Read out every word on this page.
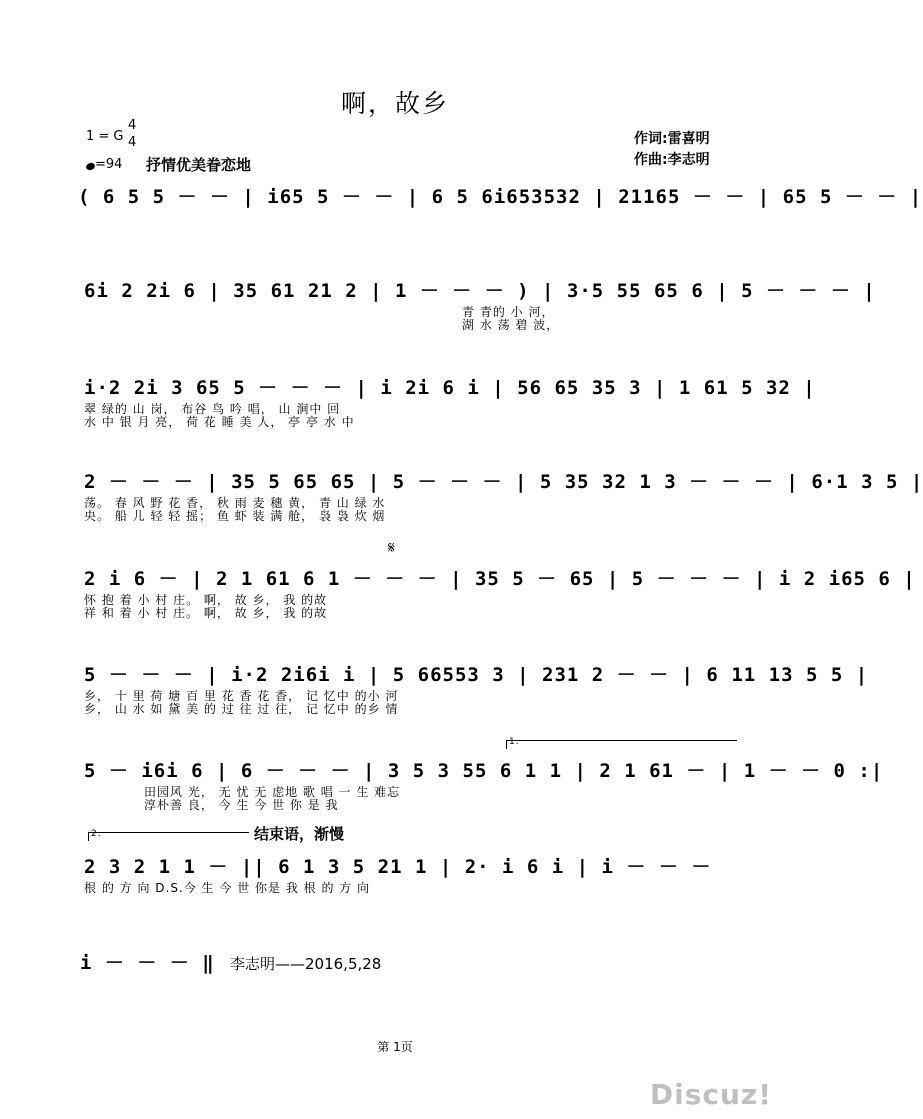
啊，故乡
1 = G
4
4
=94 抒情优美眷恋地
作词:雷喜明
作曲:李志明
( 6 5 5 － － | i65 5 － － | 6 5 6i653532 | 21165 － － | 65 5 － － |
6i 2 2i 6 | 35 61 21 2 | 1 － － － ) | 3·5 55 65 6 | 5 － － － |
青 青的 小 河，
湖 水 荡 碧 波，
i·2 2i 3 65 5 － － － | i 2i 6 i | 56 65 35 3 | 1 61 5 32 |
翠 绿的 山 岗， 布谷 鸟 吟 唱， 山 涧中 回
水 中 银 月 亮， 荷 花 睡 美 人， 亭 亭 水 中
2 － － － | 35 5 65 65 | 5 － － － | 5 35 32 1 3 － － － | 6·1 3 5 |
荡。 春 风 野 花 香， 秋 雨 麦 穗 黄， 青 山 绿 水
央。 船 儿 轻 轻 摇； 鱼 虾 装 满 舱， 袅 袅 炊 烟
2 i 6 － | 2 1 61 6 1 － － － | 35 5 － 65 | 5 － － － | i 2 i65 6 |
怀 抱 着 小 村 庄。 啊， 故 乡， 我 的故
祥 和 着 小 村 庄。 啊， 故 乡， 我 的故
𝄋
5 － － － | i·2 2i6i i | 5 66553 3 | 231 2 － － | 6 11 13 5 5 |
乡， 十 里 荷 塘 百 里 花 香 花 香， 记 忆中 的小 河
乡， 山 水 如 黛 美 的 过 往 过 往， 记 忆中 的乡 情
5 － i6i 6 | 6 － － － | 3 5 3 55 6 1 1 | 2 1 61 － | 1 － － 0 :|
田园风 光， 无 忧 无 虑地 歌 唱 一 生 难忘
淳朴善 良， 今 生 今 世 你 是 我
1.
2.	结束语，渐慢
2 3 2 1 1 － || 6 1 3 5 21 1 | 2· i 6 i | i － － －
根 的 方 向 D.S.今 生 今 世 你是 我 根 的 方 向
i － － － ‖ 李志明——2016,5,28
第 1页
Discuz!
